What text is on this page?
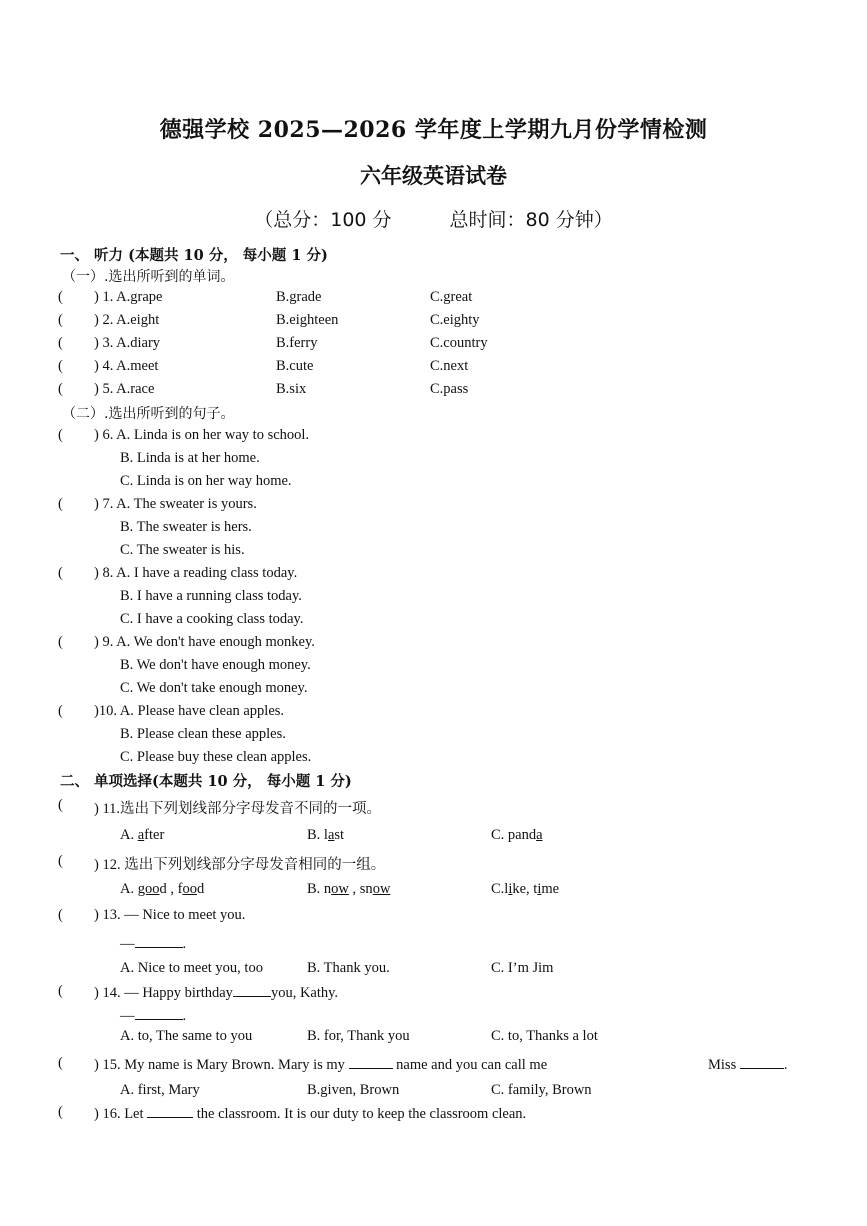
德强学校 2025—2026 学年度上学期九月份学情检测
六年级英语试卷
（总分：100 分	总时间：80 分钟）
一、 听力 (本题共 10 分， 每小题 1 分)
（一）.选出所听到的单词。
( ) 1. A.grape	B.grade	C.great
( ) 2. A.eight	B.eighteen	C.eighty
( ) 3. A.diary	B.ferry	C.country
( ) 4. A.meet	B.cute	C.next
( ) 5. A.race	B.six	C.pass
（二）.选出所听到的句子。
( ) 6. A. Linda is on her way to school.
B. Linda is at her home.
C. Linda is on her way home.
( ) 7. A. The sweater is yours.
B. The sweater is hers.
C. The sweater is his.
( ) 8. A. I have a reading class today.
B. I have a running class today.
C. I have a cooking class today.
( ) 9. A. We don't have enough monkey.
B. We don't have enough money.
C. We don't take enough money.
( )10. A. Please have clean apples.
B. Please clean these apples.
C. Please buy these clean apples.
二、 单项选择(本题共 10 分， 每小题 1 分)
( ) 11.选出下列划线部分字母发音不同的一项。
A. after	B. last	C. panda
( ) 12. 选出下列划线部分字母发音相同的一组。
A. good , food	B. now , snow	C.like, time
( ) 13. — Nice to meet you.
—	.
A. Nice to meet you, too	B. Thank you.	C. I’m Jim
( ) 14. — Happy birthday	you, Kathy.
—	.
A. to, The same to you	B. for, Thank you	C. to, Thanks a lot
( ) 15. My name is Mary Brown. Mary is my	name and you can call me	Miss	.
A. first, Mary	B.given, Brown	C. family, Brown
( ) 16. Let	the classroom. It is our duty to keep the classroom clean.
